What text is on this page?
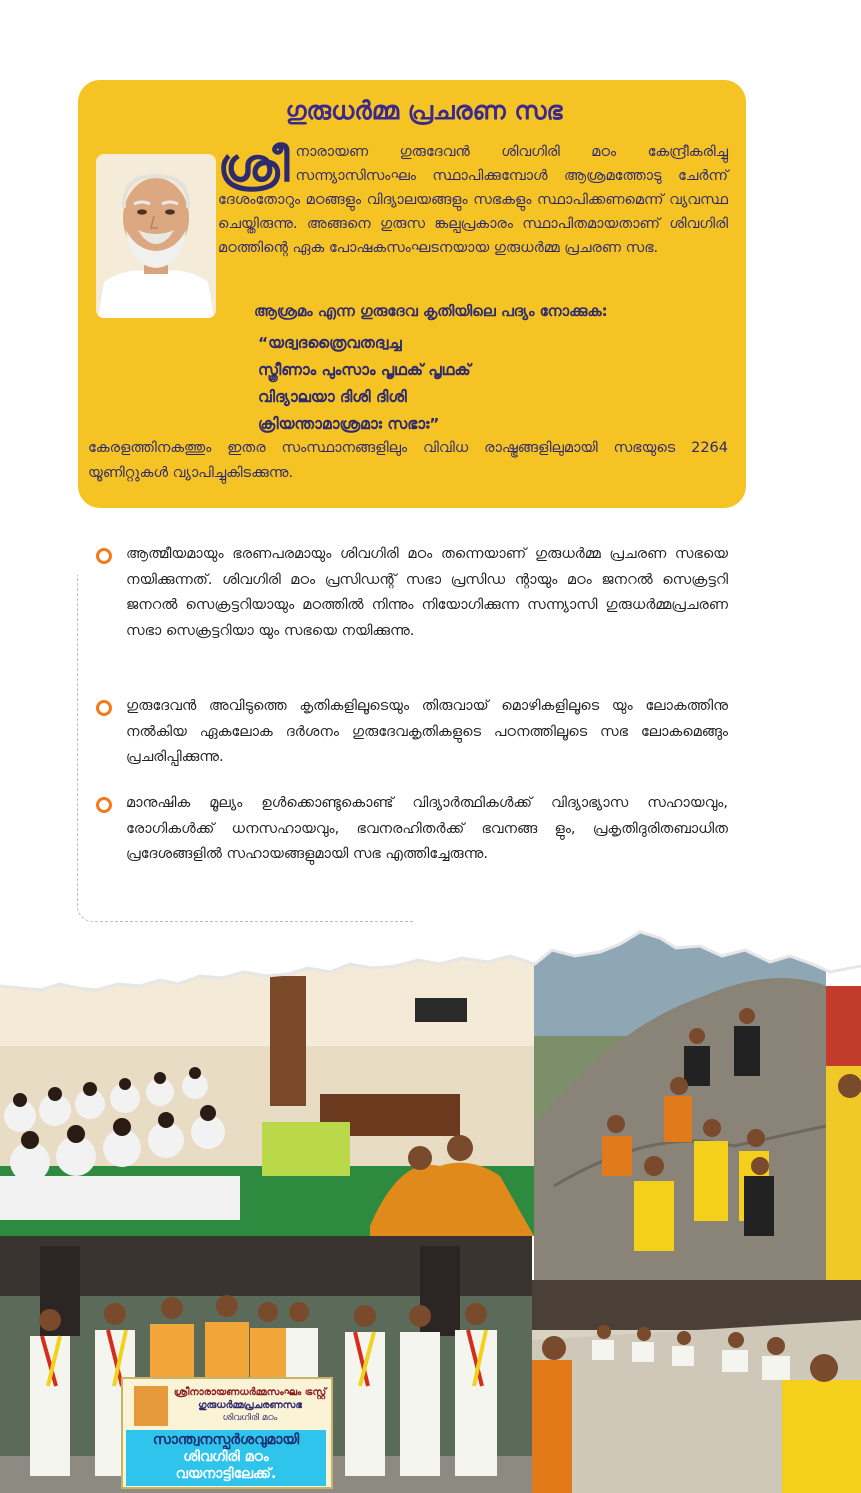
ഗുരുധർമ്മ പ്രചരണ സഭ
ശ്രീ നാരായണ ഗുരുദേവൻ ശിവഗിരി മഠം കേന്ദ്രീകരിച്ചു സന്ന്യാസിസംഘം സ്ഥാപിക്കുമ്പോൾ ആശ്രമത്തോടു ചേർന്ന് ദേശംതോറും മഠങ്ങളും വിദ്യാലയങ്ങളും സഭകളും സ്ഥാപിക്കണമെന്ന് വ്യവസ്ഥ ചെയ്തിരുന്നു. അങ്ങനെ ഗുരുസ ങ്കല്പപ്രകാരം സ്ഥാപിതമായതാണ് ശിവഗിരി മഠത്തിന്റെ ഏക പോഷകസംഘടനയായ ഗുരുധർമ്മ പ്രചരണ സഭ.
ആശ്രമം എന്ന ഗുരുദേവ കൃതിയിലെ പദ്യം നോക്കുക:
“യദ്വദത്രൈവതദ്വച്ച
സ്ത്രീണാം പുംസാം പൃഥക് പൃഥക്
വിദ്യാലയാ ദിശി ദിശി
ക്രിയന്താമാശ്രമാഃ സഭാഃ”
കേരളത്തിനകത്തും ഇതര സംസ്ഥാനങ്ങളിലും വിവിധ രാഷ്ട്രങ്ങളിലുമായി സഭയുടെ 2264 യൂണിറ്റുകൾ വ്യാപിച്ചുകിടക്കുന്നു.
ആത്മീയമായും ഭരണപരമായും ശിവഗിരി മഠം തന്നെയാണ് ഗുരുധർമ്മ പ്രചരണ സഭയെ നയിക്കുന്നത്. ശിവഗിരി മഠം പ്രസിഡന്റ് സഭാ പ്രസിഡ ന്റായും മഠം ജനറൽ സെക്രട്ടറി ജനറൽ സെക്രട്ടറിയായും മഠത്തിൽ നിന്നും നിയോഗിക്കുന്ന സന്ന്യാസി ഗുരുധർമ്മപ്രചരണ സഭാ സെക്രട്ടറിയാ യും സഭയെ നയിക്കുന്നു.
ഗുരുദേവൻ അവിടുത്തെ കൃതികളിലൂടെയും തിരുവായ് മൊഴികളിലൂടെ യും ലോകത്തിനു നൽകിയ ഏകലോക ദർശനം ഗുരുദേവകൃതികളുടെ പഠനത്തിലൂടെ സഭ ലോകമെങ്ങും പ്രചരിപ്പിക്കുന്നു.
മാനുഷിക മൂല്യം ഉൾക്കൊണ്ടുകൊണ്ട് വിദ്യാർത്ഥികൾക്ക് വിദ്യാഭ്യാസ സഹായവും, രോഗികൾക്ക് ധനസഹായവും, ഭവനരഹിതർക്ക് ഭവനങ്ങ ളും, പ്രകൃതിദുരിതബാധിത പ്രദേശങ്ങളിൽ സഹായങ്ങളുമായി സഭ എത്തിച്ചേരുന്നു.
ശ്രീനാരായണധർമ്മസംഘം ട്രസ്റ്റ്
ഗുരുധർമ്മപ്രചരണസഭ
ശിവഗിരി മഠം
സാന്ത്വനസ്പർശവുമായി
ശിവഗിരി മഠം
വയനാട്ടിലേക്ക്.
